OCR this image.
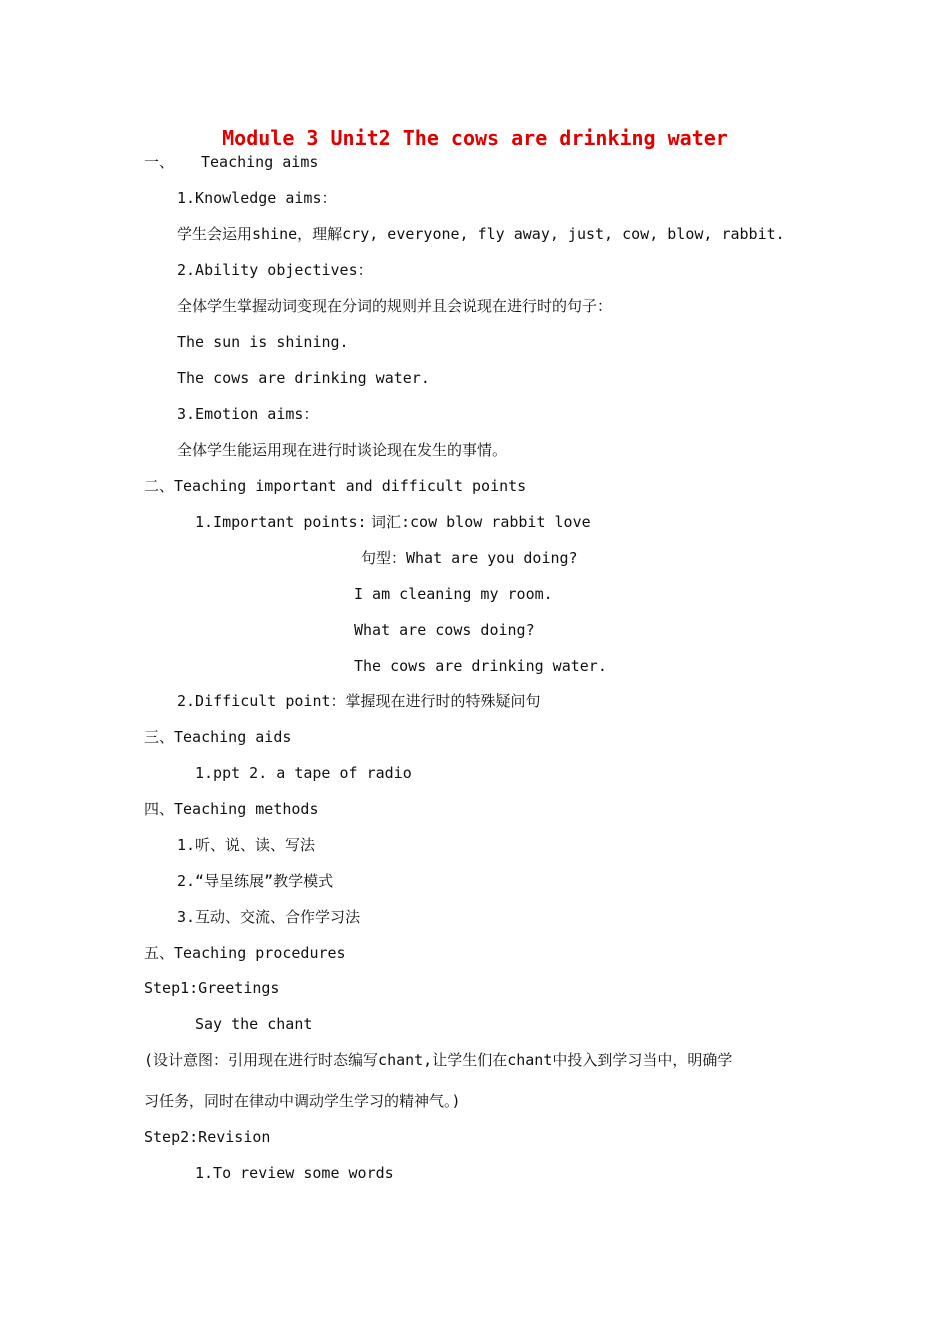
Module 3 Unit2 The cows are drinking water
一、 Teaching aims
1.Knowledge aims：
学生会运用shine，理解cry, everyone, fly away, just, cow, blow, rabbit.
2.Ability objectives：
全体学生掌握动词变现在分词的规则并且会说现在进行时的句子：
The sun is shining.
The cows are drinking water.
3.Emotion aims：
全体学生能运用现在进行时谈论现在发生的事情。
二、Teaching important and difficult points
1.Important points: 词汇:cow blow rabbit love
句型：What are you doing?
I am cleaning my room.
What are cows doing?
The cows are drinking water.
2.Difficult point：掌握现在进行时的特殊疑问句
三、Teaching aids
1.ppt 2. a tape of radio
四、Teaching methods
1.听、说、读、写法
2.“导呈练展”教学模式
3.互动、交流、合作学习法
五、Teaching procedures
Step1:Greetings
Say the chant
(设计意图：引用现在进行时态编写chant,让学生们在chant中投入到学习当中，明确学
习任务，同时在律动中调动学生学习的精神气。)
Step2:Revision
1.To review some words
